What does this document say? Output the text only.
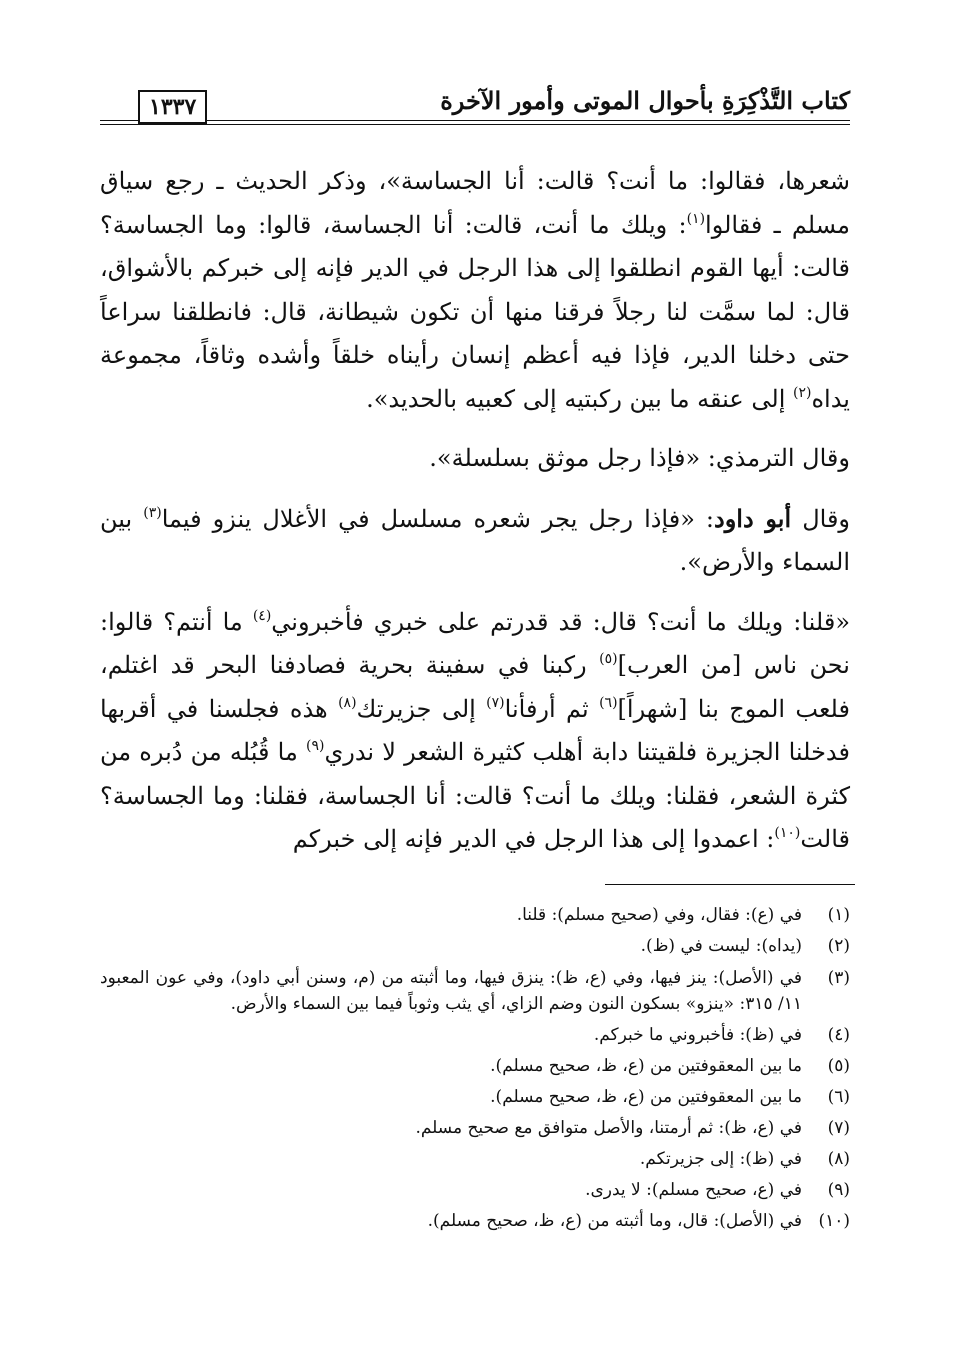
كتاب التَّذْكِرَةِ بأحوال الموتى وأمور الآخرة
١٣٣٧

شعرها، فقالوا: ما أنت؟ قالت: أنا الجساسة»، وذكر الحديث ـ رجع سياق مسلم ـ فقالوا$^{(١)}$: ويلك ما أنت، قالت: أنا الجساسة، قالوا: وما الجساسة؟ قالت: أيها القوم انطلقوا إلى هذا الرجل في الدير فإنه إلى خبركم بالأشواق، قال: لما سمَّت لنا رجلاً فرقنا منها أن تكون شيطانة، قال: فانطلقنا سراعاً حتى دخلنا الدير، فإذا فيه أعظم إنسان رأيناه خلقاً وأشده وثاقاً، مجموعة يداه$^{(٢)}$ إلى عنقه ما بين ركبتيه إلى كعبيه بالحديد».

وقال الترمذي: «فإذا رجل موثق بسلسلة».

وقال أبو داود: «فإذا رجل يجر شعره مسلسل في الأغلال ينزو فيما$^{(٣)}$ بين السماء والأرض».

«قلنا: ويلك ما أنت؟ قال: قد قدرتم على خبري فأخبروني$^{(٤)}$ ما أنتم؟ قالوا: نحن ناس [من العرب]$^{(٥)}$ ركبنا في سفينة بحرية فصادفنا البحر قد اغتلم، فلعب الموج بنا [شهراً]$^{(٦)}$ ثم أرفأنا$^{(٧)}$ إلى جزيرتك$^{(٨)}$ هذه فجلسنا في أقربها فدخلنا الجزيرة فلقيتنا دابة أهلب كثيرة الشعر لا ندري$^{(٩)}$ ما قُبُله من دُبره من كثرة الشعر، فقلنا: ويلك ما أنت؟ قالت: أنا الجساسة، فقلنا: وما الجساسة؟ قالت$^{(١٠)}$: اعمدوا إلى هذا الرجل في الدير فإنه إلى خبركم

(١)
في (ع): فقال، وفي (صحيح مسلم): قلنا.
(٢)
(يداه): ليست في (ظ).
(٣)
في (الأصل): ينز فيها، وفي (ع، ظ): ينزق فيها، وما أثبته من (م، وسنن أبي داود)، وفي عون المعبود ١١/ ٣١٥: «ينزو» بسكون النون وضم الزاي، أي يثب وثوباً فيما بين السماء والأرض.
(٤)
في (ظ): فأخبروني ما خبركم.
(٥)
ما بين المعقوفتين من (ع، ظ، صحيح مسلم).
(٦)
ما بين المعقوفتين من (ع، ظ، صحيح مسلم).
(٧)
في (ع، ظ): ثم أرمتنا، والأصل متوافق مع صحيح مسلم.
(٨)
في (ظ): إلى جزيرتكم.
(٩)
في (ع، صحيح مسلم): لا يدرى.
(١٠)
في (الأصل): قال، وما أثبته من (ع، ظ، صحيح مسلم).
